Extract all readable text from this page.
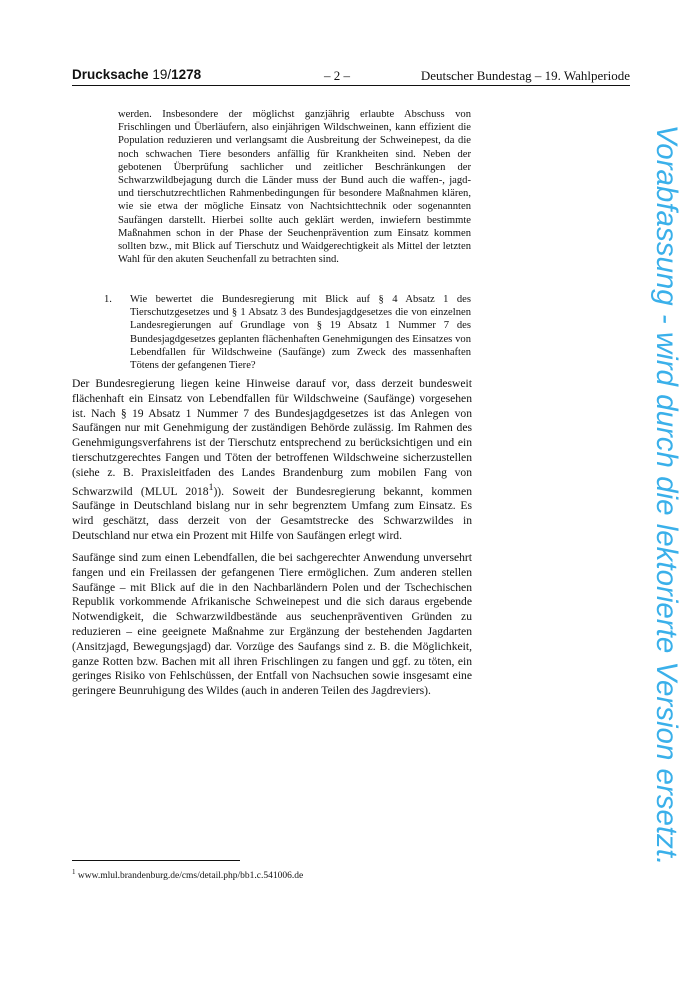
Drucksache 19/1278	– 2 –	Deutscher Bundestag – 19. Wahlperiode
werden. Insbesondere der möglichst ganzjährig erlaubte Abschuss von Frischlingen und Überläufern, also einjährigen Wildschweinen, kann effizient die Population reduzieren und verlangsamt die Ausbreitung der Schweinepest, da die noch schwachen Tiere besonders anfällig für Krankheiten sind. Neben der gebotenen Überprüfung sachlicher und zeitlicher Beschränkungen der Schwarzwildbejagung durch die Länder muss der Bund auch die waffen-, jagd- und tierschutzrechtlichen Rahmenbedingungen für besondere Maßnahmen klären, wie sie etwa der mögliche Einsatz von Nachtsichttechnik oder sogenannten Saufängen darstellt. Hierbei sollte auch geklärt werden, inwiefern bestimmte Maßnahmen schon in der Phase der Seuchenprävention zum Einsatz kommen sollten bzw., mit Blick auf Tierschutz und Waidgerechtigkeit als Mittel der letzten Wahl für den akuten Seuchenfall zu betrachten sind.
1.	Wie bewertet die Bundesregierung mit Blick auf § 4 Absatz 1 des Tierschutzgesetzes und § 1 Absatz 3 des Bundesjagdgesetzes die von einzelnen Landesregierungen auf Grundlage von § 19 Absatz 1 Nummer 7 des Bundesjagdgesetzes geplanten flächenhaften Genehmigungen des Einsatzes von Lebendfallen für Wildschweine (Saufänge) zum Zweck des massenhaften Tötens der gefangenen Tiere?

Der Bundesregierung liegen keine Hinweise darauf vor, dass derzeit bundesweit flächenhaft ein Einsatz von Lebendfallen für Wildschweine (Saufänge) vorgesehen ist. Nach § 19 Absatz 1 Nummer 7 des Bundesjagdgesetzes ist das Anlegen von Saufängen nur mit Genehmigung der zuständigen Behörde zulässig. Im Rahmen des Genehmigungsverfahrens ist der Tierschutz entsprechend zu berücksichtigen und ein tierschutzgerechtes Fangen und Töten der betroffenen Wildschweine sicherzustellen (siehe z. B. Praxisleitfaden des Landes Brandenburg zum mobilen Fang von Schwarzwild (MLUL 2018$^1$)). Soweit der Bundesregierung bekannt, kommen Saufänge in Deutschland bislang nur in sehr begrenztem Umfang zum Einsatz. Es wird geschätzt, dass derzeit von der Gesamtstrecke des Schwarzwildes in Deutschland nur etwa ein Prozent mit Hilfe von Saufängen erlegt wird.

Saufänge sind zum einen Lebendfallen, die bei sachgerechter Anwendung unversehrt fangen und ein Freilassen der gefangenen Tiere ermöglichen. Zum anderen stellen Saufänge – mit Blick auf die in den Nachbarländern Polen und der Tschechischen Republik vorkommende Afrikanische Schweinepest und die sich daraus ergebende Notwendigkeit, die Schwarzwildbestände aus seuchenpräventiven Gründen zu reduzieren – eine geeignete Maßnahme zur Ergänzung der bestehenden Jagdarten (Ansitzjagd, Bewegungsjagd) dar. Vorzüge des Saufangs sind z. B. die Möglichkeit, ganze Rotten bzw. Bachen mit all ihren Frischlingen zu fangen und ggf. zu töten, ein geringes Risiko von Fehlschüssen, der Entfall von Nachsuchen sowie insgesamt eine geringere Beunruhigung des Wildes (auch in anderen Teilen des Jagdreviers).

$^1$ www.mlul.brandenburg.de/cms/detail.php/bb1.c.541006.de
Vorabfassung - wird durch die lektorierte Version ersetzt.
